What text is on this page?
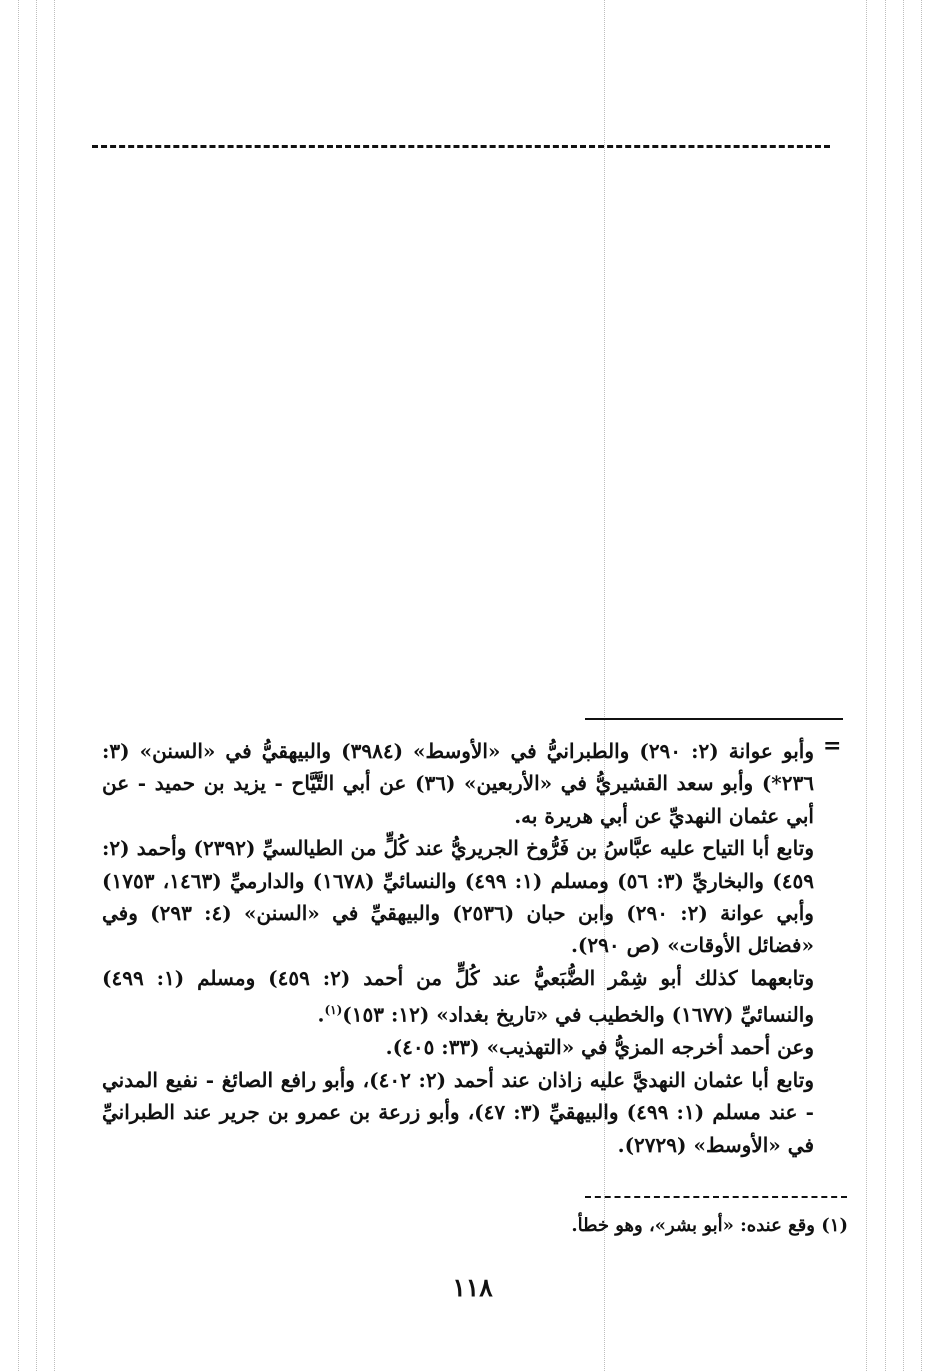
=

وأبو عوانة (٢: ٢٩٠) والطبرانيُّ في «الأوسط» (٣٩٨٤) والبيهقيُّ في «السنن» (٣: ٢٣٦*) وأبو سعد القشيريُّ في «الأربعين» (٣٦) عن أبي التَّيَّاح - يزيد بن حميد - عن أبي عثمان النهديِّ عن أبي هريرة به.

وتابع أبا التياح عليه عبَّاسُ بن فَرُّوخ الجريريُّ عند كُلٍّ من الطيالسيِّ (٢٣٩٢) وأحمد (٢: ٤٥٩) والبخاريِّ (٣: ٥٦) ومسلم (١: ٤٩٩) والنسائيِّ (١٦٧٨) والدارميِّ (١٤٦٣، ١٧٥٣) وأبي عوانة (٢: ٢٩٠) وابن حبان (٢٥٣٦) والبيهقيِّ في «السنن» (٤: ٢٩٣) وفي «فضائل الأوقات» (ص ٢٩٠).

وتابعهما كذلك أبو شِمْر الضُّبَعيُّ عند كُلٍّ من أحمد (٢: ٤٥٩) ومسلم (١: ٤٩٩) والنسائيِّ (١٦٧٧) والخطيب في «تاريخ بغداد» (١٢: ١٥٣)$^{(١)}$.

وعن أحمد أخرجه المزيُّ في «التهذيب» (٣٣: ٤٠٥).

وتابع أبا عثمان النهديَّ عليه زاذان عند أحمد (٢: ٤٠٢)، وأبو رافع الصائغ - نفيع المدني - عند مسلم (١: ٤٩٩) والبيهقيِّ (٣: ٤٧)، وأبو زرعة بن عمرو بن جرير عند الطبرانيِّ في «الأوسط» (٢٧٢٩).

(١) وقع عنده: «أبو بشر»، وهو خطأ.
١١٨
